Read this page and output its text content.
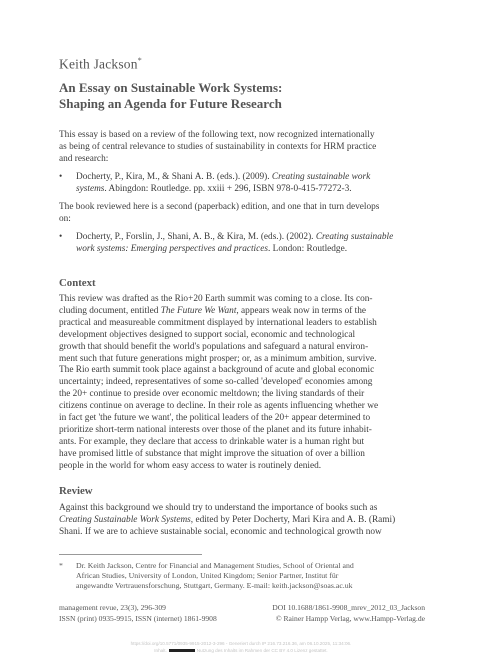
Keith Jackson*
An Essay on Sustainable Work Systems:
Shaping an Agenda for Future Research
This essay is based on a review of the following text, now recognized internationally
as being of central relevance to studies of sustainability in contexts for HRM practice
and research:
• Docherty, P., Kira, M., & Shani A. B. (eds.). (2009). Creating sustainable work
systems. Abingdon: Routledge. pp. xxiii + 296, ISBN 978-0-415-77272-3.
The book reviewed here is a second (paperback) edition, and one that in turn develops
on:
• Docherty, P., Forslin, J., Shani, A. B., & Kira, M. (eds.). (2002). Creating sustainable
work systems: Emerging perspectives and practices. London: Routledge.
Context
This review was drafted as the Rio+20 Earth summit was coming to a close. Its con-
cluding document, entitled The Future We Want, appears weak now in terms of the
practical and measureable commitment displayed by international leaders to establish
development objectives designed to support social, economic and technological
growth that should benefit the world's populations and safeguard a natural environ-
ment such that future generations might prosper; or, as a minimum ambition, survive.
The Rio earth summit took place against a background of acute and global economic
uncertainty; indeed, representatives of some so-called 'developed' economies among
the 20+ continue to preside over economic meltdown; the living standards of their
citizens continue on average to decline. In their role as agents influencing whether we
in fact get 'the future we want', the political leaders of the 20+ appear determined to
prioritize short-term national interests over those of the planet and its future inhabit-
ants. For example, they declare that access to drinkable water is a human right but
have promised little of substance that might improve the situation of over a billion
people in the world for whom easy access to water is routinely denied.
Review
Against this background we should try to understand the importance of books such as
Creating Sustainable Work Systems, edited by Peter Docherty, Mari Kira and A. B. (Rami)
Shani. If we are to achieve sustainable social, economic and technological growth now
* Dr. Keith Jackson, Centre for Financial and Management Studies, School of Oriental and
African Studies, University of London, United Kingdom; Senior Partner, Institut für
angewandte Vertrauensforschung, Stuttgart, Germany. E-mail: keith.jackson@soas.ac.uk
management revue, 23(3), 296-309	DOI 10.1688/1861-9908_mrev_2012_03_Jackson
ISSN (print) 0935-9915, ISSN (internet) 1861-9908	© Rainer Hampp Verlag, www.Hampp-Verlag.de
https://doi.org/10.5771/0935-9915-2012-3-296 - Generiert durch IP 216.73.216.36, am 06.10.2025, 11:34:06.
Inhalt.	Nutzung des Inhalts im Rahmen der CC BY 4.0 Lizenz gestattet.
